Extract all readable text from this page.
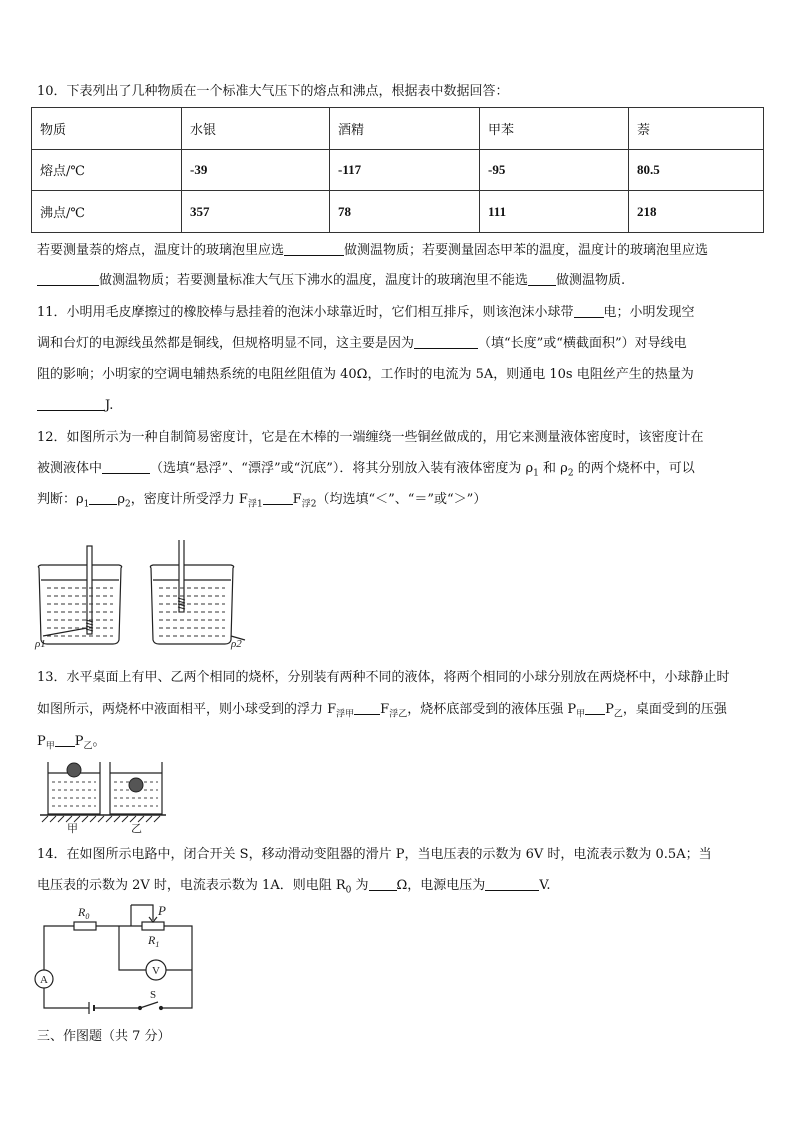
10．下表列出了几种物质在一个标准大气压下的熔点和沸点，根据表中数据回答：
物质	水银	酒精	甲苯	萘
熔点/℃	-39	-117	-95	80.5
沸点/℃	357	78	111	218
若要测量萘的熔点，温度计的玻璃泡里应选	做测温物质；若要测量固态甲苯的温度，温度计的玻璃泡里应选
做测温物质；若要测量标准大气压下沸水的温度，温度计的玻璃泡里不能选 做测温物质.
11．小明用毛皮摩擦过的橡胶棒与悬挂着的泡沫小球靠近时，它们相互排斥，则该泡沫小球带 电；小明发现空
调和台灯的电源线虽然都是铜线，但规格明显不同，这主要是因为	（填“长度”或“横截面积”）对导线电
阻的影响；小明家的空调电辅热系统的电阻丝阻值为 40Ω，工作时的电流为 5A，则通电 10s 电阻丝产生的热量为
J.
12．如图所示为一种自制简易密度计，它是在木棒的一端缠绕一些铜丝做成的，用它来测量液体密度时，该密度计在
被测液体中	（选填“悬浮”、“漂浮”或“沉底”）．将其分别放入装有液体密度为 $\rho_1$ 和 $\rho_2$ 的两个烧杯中，可以
判断：$\rho_1$ $\rho_2$，密度计所受浮力 $F_{浮1}$ $F_{浮2}$（均选填“＜”、“＝”或“＞”）
ρ1	ρ2
13．水平桌面上有甲、乙两个相同的烧杯，分别装有两种不同的液体，将两个相同的小球分别放在两烧杯中，小球静止时
如图所示，两烧杯中液面相平，则小球受到的浮力 $F_{浮甲}$ $F_{浮乙}$，烧杯底部受到的液体压强 $P_甲$ $P_乙$，桌面受到的压强
$P_甲$ $P_乙$。
甲	乙
14．在如图所示电路中，闭合开关 S，移动滑动变阻器的滑片 P，当电压表的示数为 6V 时，电流表示数为 0.5A；当
电压表的示数为 2V 时，电流表示数为 1A．则电阻 $R_0$ 为 Ω，电源电压为	V.
A
V
$R_0$	P
$R_1$
S
三、作图题（共 7 分）
